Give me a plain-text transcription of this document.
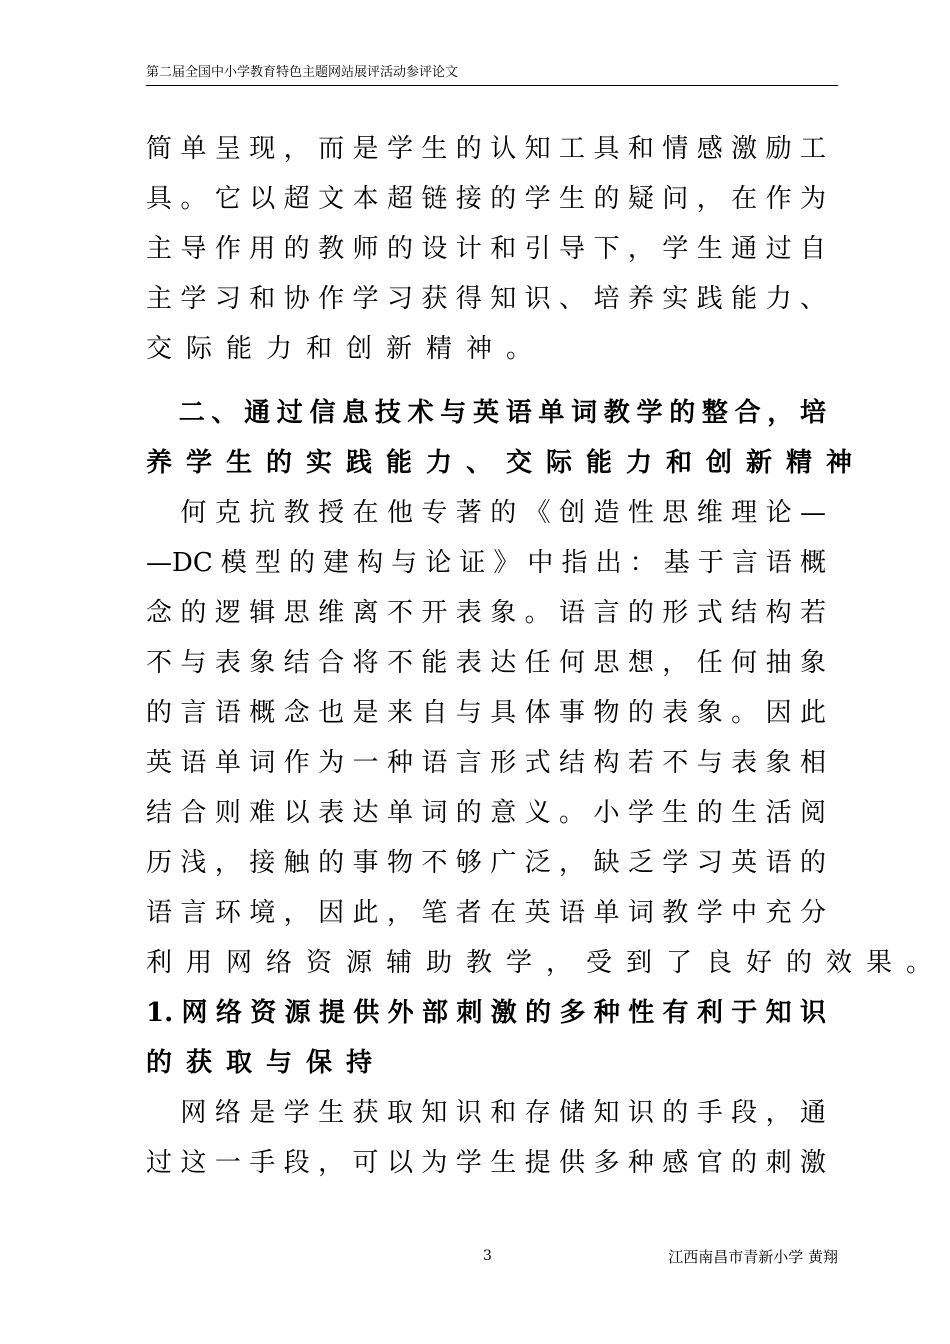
第二届全国中小学教育特色主题网站展评活动参评论文
简单呈现，而是学生的认知工具和情感激励工
具。它以超文本超链接的学生的疑问，在作为
主导作用的教师的设计和引导下，学生通过自
主学习和协作学习获得知识、培养实践能力、
交际能力和创新精神。
　二、通过信息技术与英语单词教学的整合，培
养学生的实践能力、交际能力和创新精神
　何克抗教授在他专著的《创造性思维理论—
—DC模型的建构与论证》中指出：基于言语概
念的逻辑思维离不开表象。语言的形式结构若
不与表象结合将不能表达任何思想，任何抽象
的言语概念也是来自与具体事物的表象。因此
英语单词作为一种语言形式结构若不与表象相
结合则难以表达单词的意义。小学生的生活阅
历浅，接触的事物不够广泛，缺乏学习英语的
语言环境，因此，笔者在英语单词教学中充分
利用网络资源辅助教学，受到了良好的效果。
1.网络资源提供外部刺激的多种性有利于知识
的获取与保持
　网络是学生获取知识和存储知识的手段，通
过这一手段，可以为学生提供多种感官的刺激
3	江西南昌市青新小学 黄翔
